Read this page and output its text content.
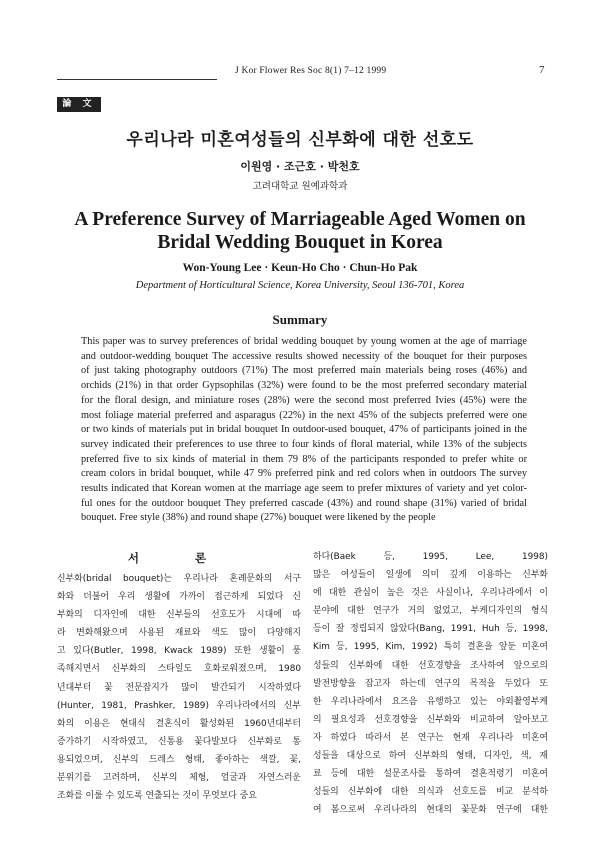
J Kor Flower Res Soc 8(1) 7–12 1999	7
論 文
우리나라 미혼여성들의 신부화에 대한 선호도
이원영 · 조근호 · 박천호
고려대학교 원예과학과
A Preference Survey of Marriageable Aged Women on
Bridal Wedding Bouquet in Korea
Won-Young Lee · Keun-Ho Cho · Chun-Ho Pak
Department of Horticultural Science, Korea University, Seoul 136-701, Korea
Summary
This paper was to survey preferences of bridal wedding bouquet by young women at the age of marriage
and outdoor-wedding bouquet The accessive results showed necessity of the bouquet for their purposes
of just taking photography outdoors (71%) The most preferred main materials being roses (46%) and
orchids (21%) in that order Gypsophilas (32%) were found to be the most preferred secondary material
for the floral design, and miniature roses (28%) were the second most preferred Ivies (45%) were the
most foliage material preferred and asparagus (22%) in the next 45% of the subjects preferred were one
or two kinds of materials put in bridal bouquet In outdoor-used bouquet, 47% of participants joined in the
survey indicated their preferences to use three to four kinds of floral material, while 13% of the subjects
preferred five to six kinds of material in them 79 8% of the participants responded to prefer white or
cream colors in bridal bouquet, while 47 9% preferred pink and red colors when in outdoors The survey
results indicated that Korean women at the marriage age seem to prefer mixtures of variety and yet color-
ful ones for the outdoor bouquet They preferred cascade (43%) and round shape (31%) varied of bridal
bouquet. Free style (38%) and round shape (27%) bouquet were likened by the people
서 론
신부화(bridal bouquet)는 우리나라 혼례문화의 서구
화와 더불어 우리 생활에 가까이 접근하게 되었다 신
부화의 디자인에 대한 신부들의 선호도가 시대에 따
라 변화해왔으며 사용된 재료와 색도 많이 다양해지
고 있다(Butler, 1998, Kwack 1989) 또한 생활이 풍
족해지면서 신부화의 스타일도 호화로워졌으며, 1980
년대부터 꽃 전문잡지가 많이 발간되기 시작하였다
(Hunter, 1981, Prashker, 1989) 우리나라에서의 신부
화의 이용은 현대식 결혼식이 활성화된 1960년대부터
증가하기 시작하였고, 신통용 꽃다발보다 신부화로 통
용되었으며, 신부의 드레스 형태, 좋아하는 색깔, 꽃,
분위기를 고려하며, 신부의 체형, 얼굴과 자연스러운
조화를 이룰 수 있도록 연출되는 것이 무엇보다 중요
하다(Baek 등, 1995, Lee, 1998)
많은 여성들이 일생에 의미 깊게 이용하는 신부화
에 대한 관심이 높은 것은 사실이나, 우리나라에서 이
분야에 대한 연구가 거의 없었고, 부케디자인의 형식
등이 잘 정립되지 않았다(Bang, 1991, Huh 등, 1998,
Kim 등, 1995, Kim, 1992) 특히 결혼을 앞둔 미혼여
성들의 신부화에 대한 선호경향을 조사하여 앞으로의
발전방향을 잡고자 하는데 연구의 목적을 두었다 또
한 우리나라에서 요즈음 유행하고 있는 야외촬영부케
의 필요성과 선호경향을 신부화와 비교하여 알아보고
자 하였다 따라서 본 연구는 현재 우리나라 미혼여
성들을 대상으로 하여 신부화의 형태, 디자인, 색, 재
료 등에 대한 설문조사를 통하여 결혼적령기 미혼여
성들의 신부화에 대한 의식과 선호도를 비교 분석하
여 봄으로써 우리나라의 현대의 꽃문화 연구에 대한
